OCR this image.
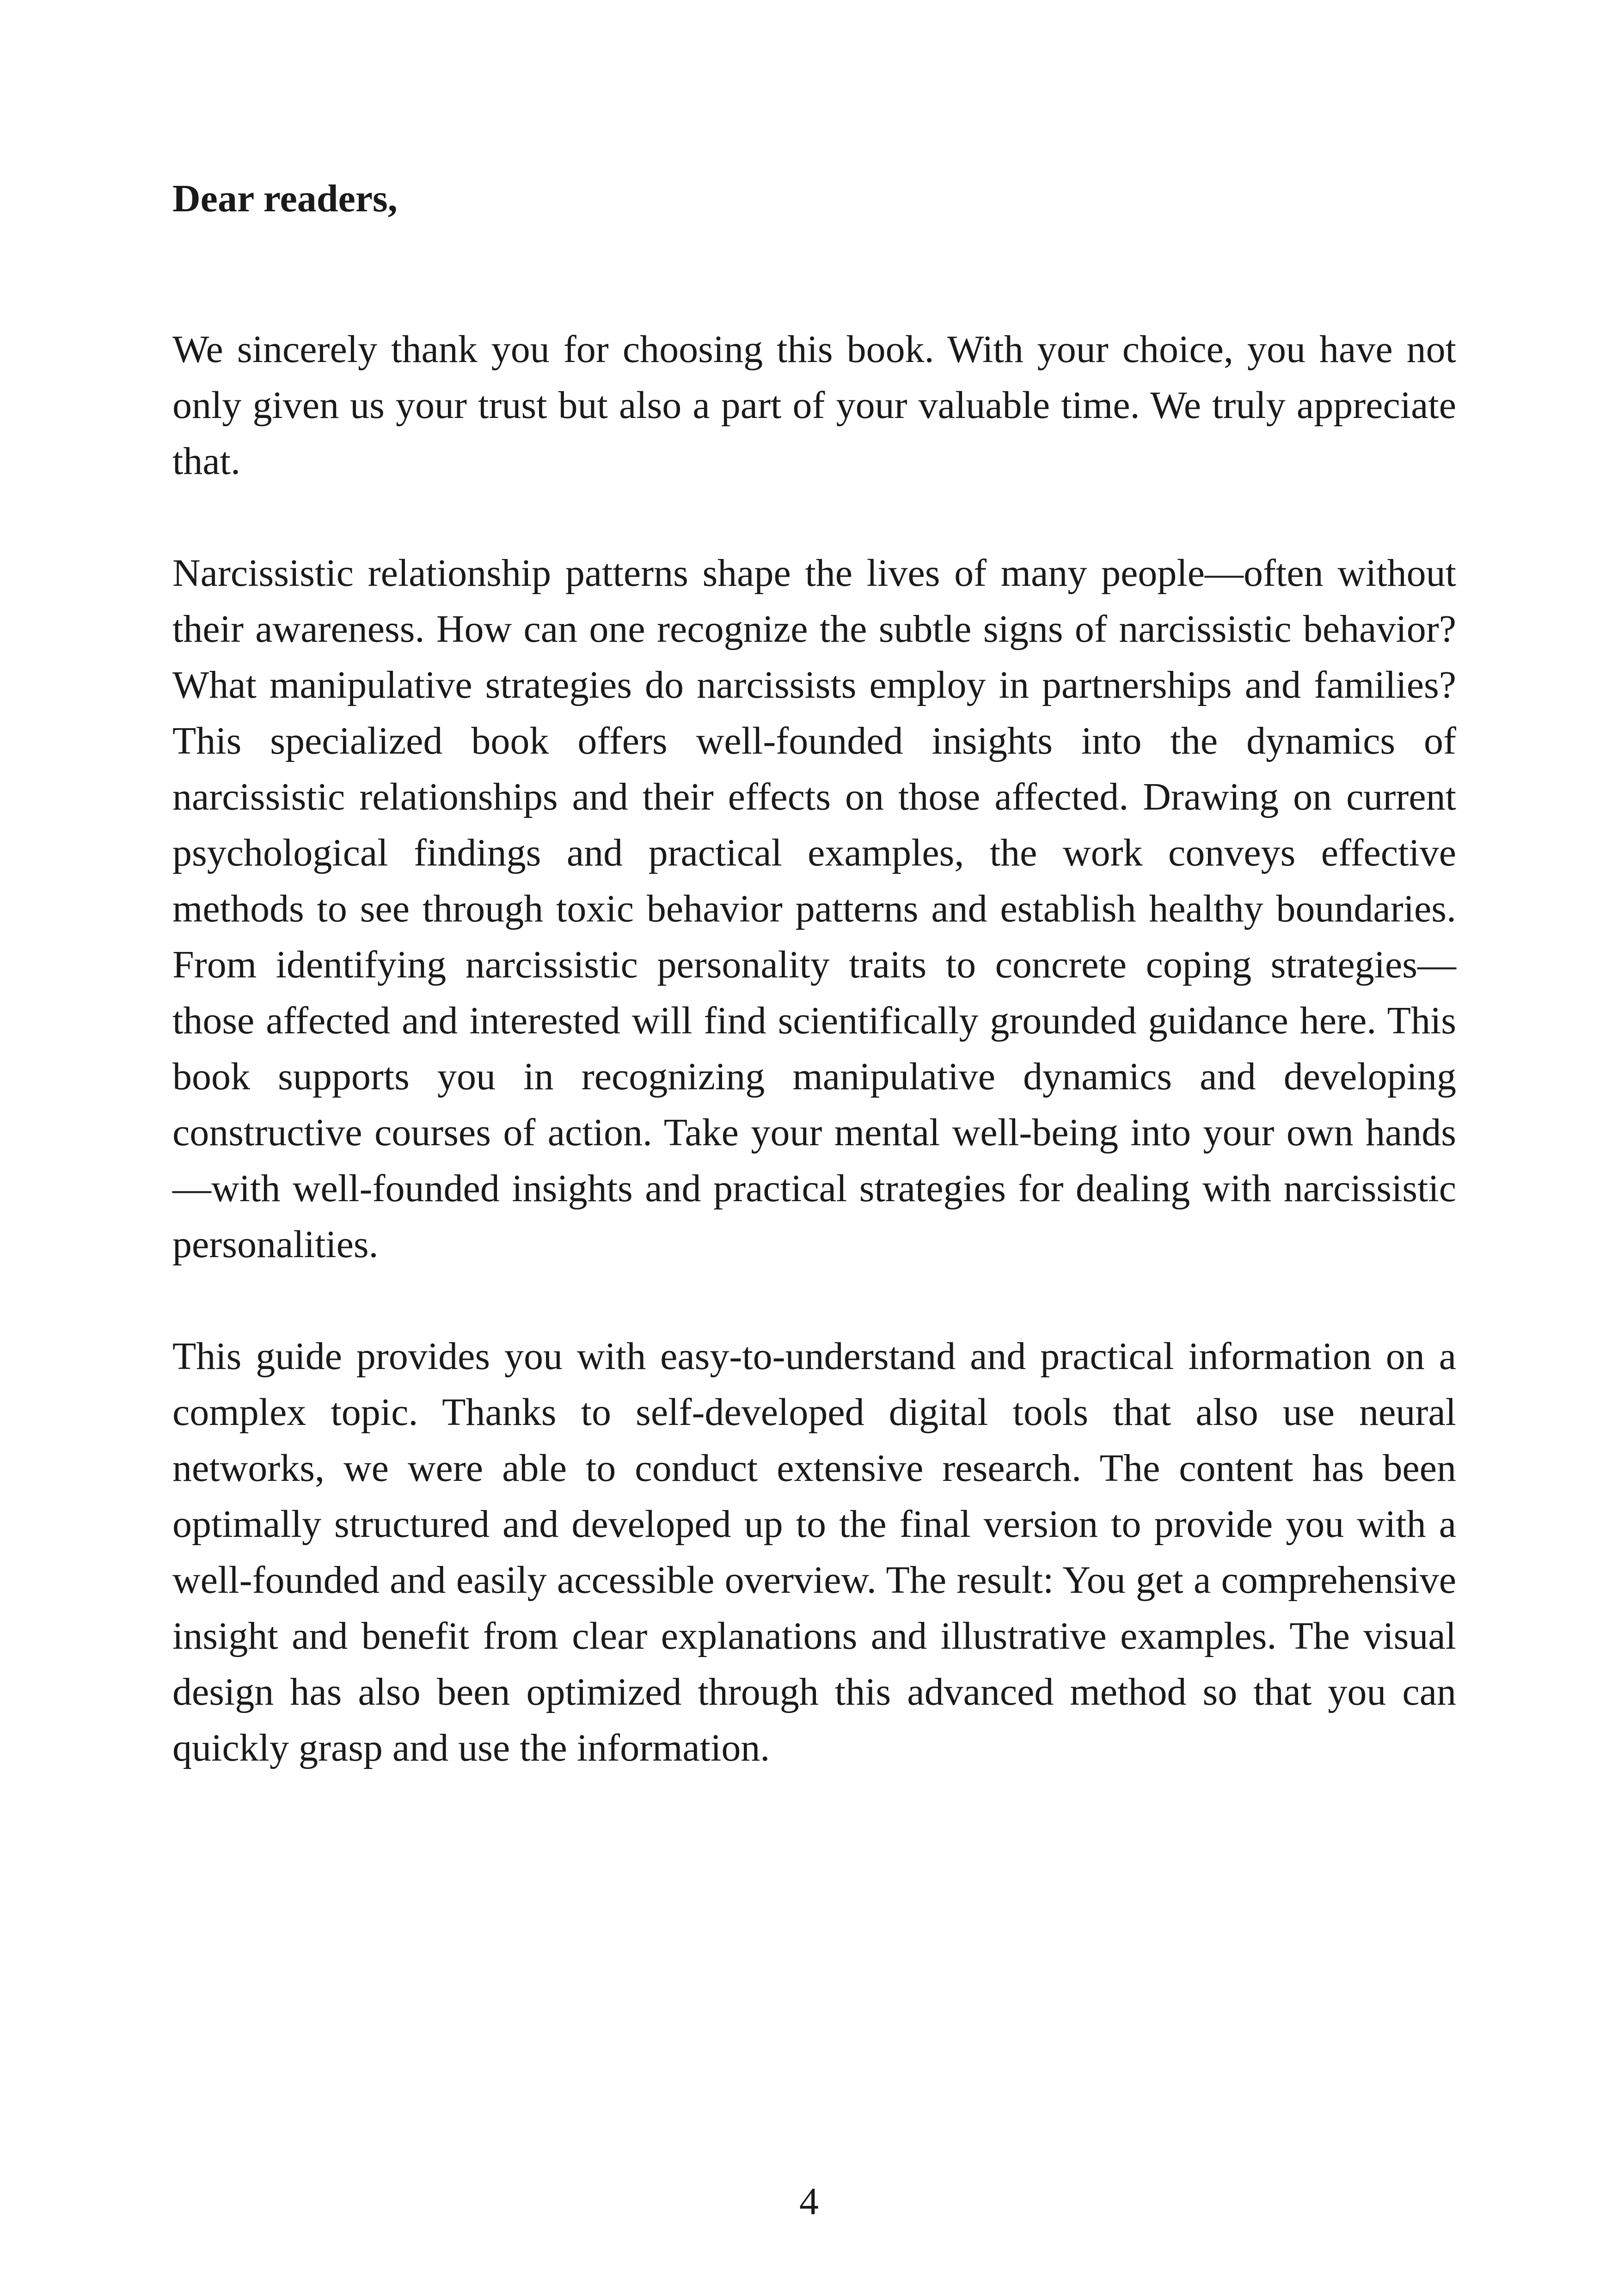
Dear readers,

We sincerely thank you for choosing this book. With your choice, you have not only given us your trust but also a part of your valuable time. We truly appreciate that.

Narcissistic relationship patterns shape the lives of many people—often without their awareness. How can one recognize the subtle signs of narcissistic behavior? What manipulative strategies do narcissists employ in partnerships and families? This specialized book offers well-founded insights into the dynamics of narcissistic relationships and their effects on those affected. Drawing on current psychological findings and practical examples, the work conveys effective methods to see through toxic behavior patterns and establish healthy boundaries. From identifying narcissistic personality traits to concrete coping strategies—those affected and interested will find scientifically grounded guidance here. This book supports you in recognizing manipulative dynamics and developing constructive courses of action. Take your mental well-being into your own hands—with well-founded insights and practical strategies for dealing with narcissistic personalities.

This guide provides you with easy-to-understand and practical information on a complex topic. Thanks to self-developed digital tools that also use neural networks, we were able to conduct extensive research. The content has been optimally structured and developed up to the final version to provide you with a well-founded and easily accessible overview. The result: You get a comprehensive insight and benefit from clear explanations and illustrative examples. The visual design has also been optimized through this advanced method so that you can quickly grasp and use the information.

4
